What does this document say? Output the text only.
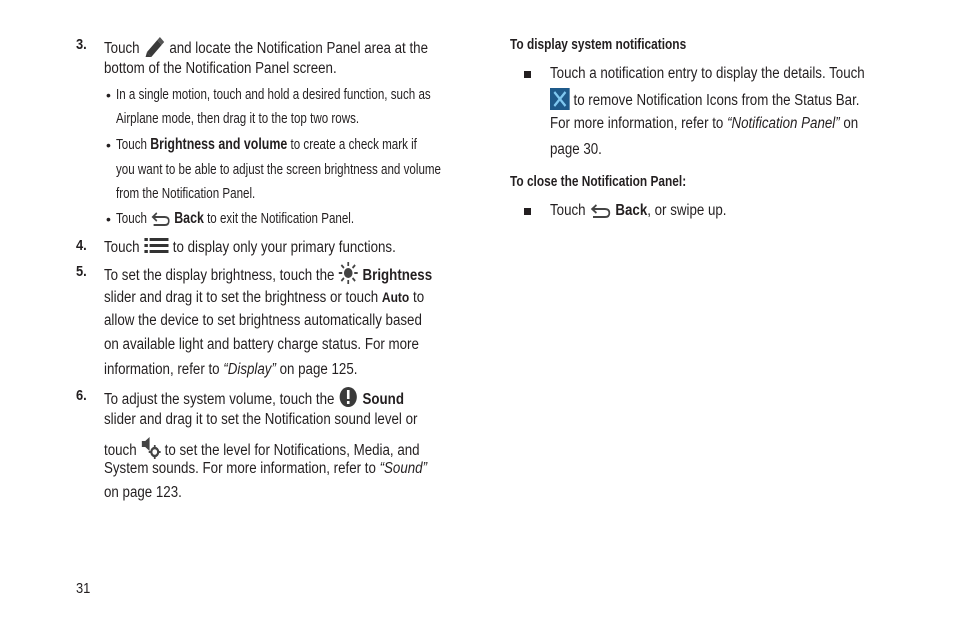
3. Touch and locate the Notification Panel area at the
bottom of the Notification Panel screen.
• In a single motion, touch and hold a desired function, such as
Airplane mode, then drag it to the top two rows.
• Touch Brightness and volume to create a check mark if
you want to be able to adjust the screen brightness and volume
from the Notification Panel.
• Touch Back to exit the Notification Panel.
4. Touch to display only your primary functions.
5. To set the display brightness, touch the Brightness
slider and drag it to set the brightness or touch Auto to
allow the device to set brightness automatically based
on available light and battery charge status. For more
information, refer to “Display” on page 125.
6. To adjust the system volume, touch the Sound
slider and drag it to set the Notification sound level or
touch to set the level for Notifications, Media, and
System sounds. For more information, refer to “Sound”
on page 123.
To display system notifications
Touch a notification entry to display the details. Touch
to remove Notification Icons from the Status Bar.
For more information, refer to “Notification Panel” on
page 30.
To close the Notification Panel:
Touch Back, or swipe up.
31
